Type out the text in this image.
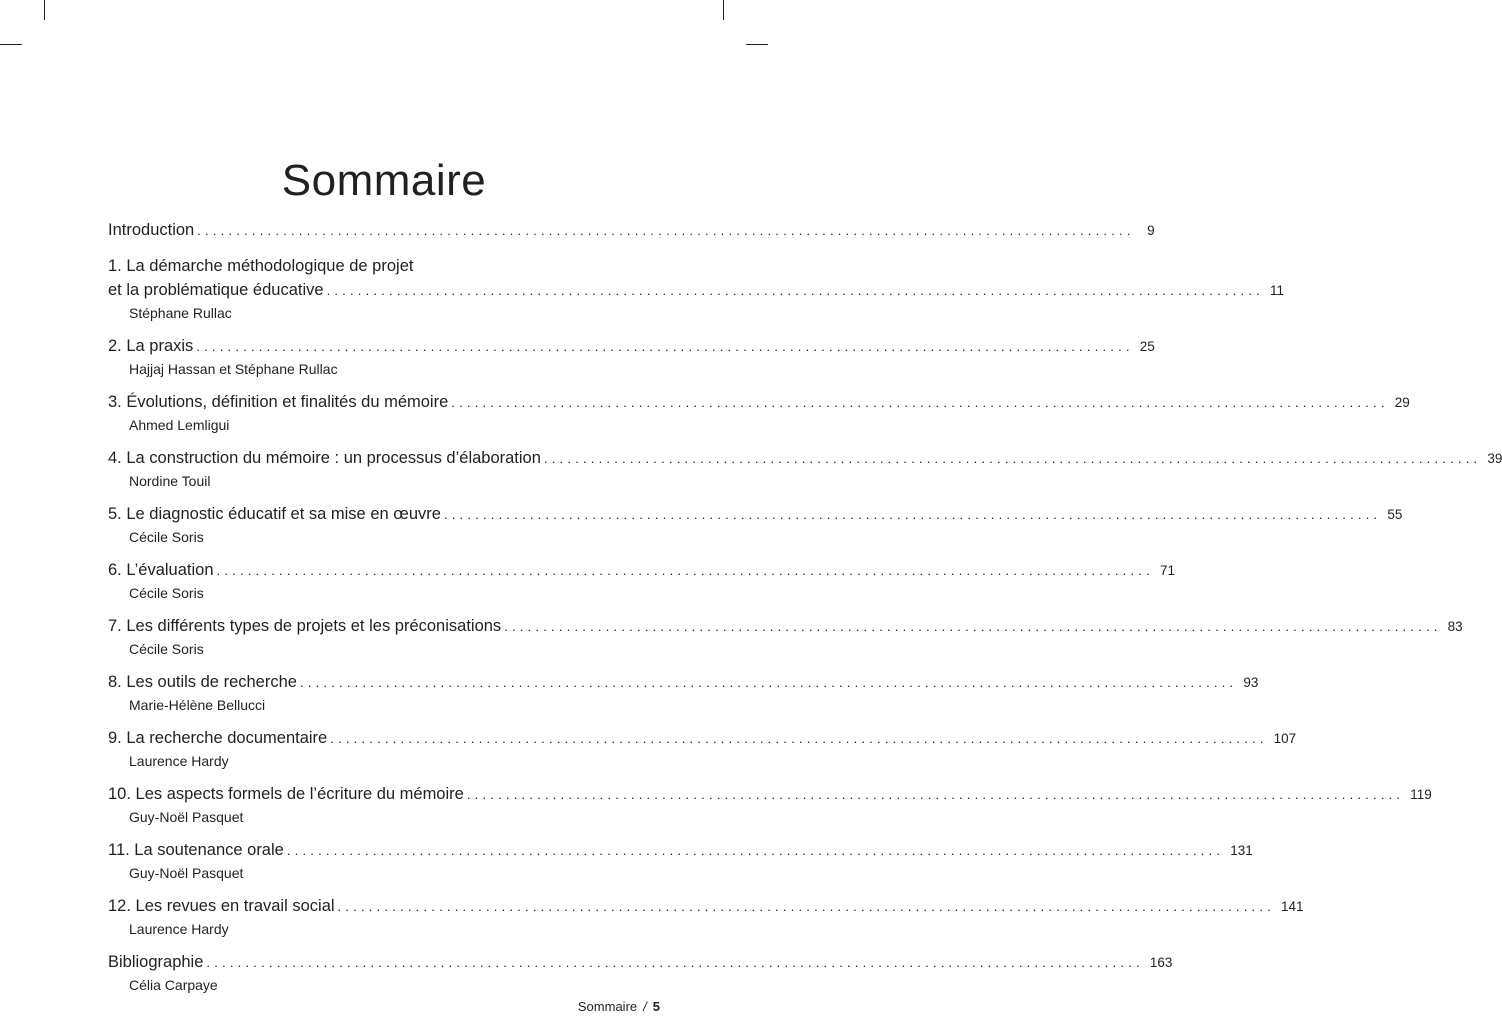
Sommaire
Introduction ........................................................................................................................ 9
1. La démarche méthodologique de projet
et la problématique éducative ........................................................................................................................ 11
Stéphane Rullac
2. La praxis ........................................................................................................................ 25
Hajjaj Hassan et Stéphane Rullac
3. Évolutions, définition et finalités du mémoire ........................................................................................................................ 29
Ahmed Lemligui
4. La construction du mémoire : un processus d’élaboration ........................................................................................................................ 39
Nordine Touil
5. Le diagnostic éducatif et sa mise en œuvre ........................................................................................................................ 55
Cécile Soris
6. L’évaluation ........................................................................................................................ 71
Cécile Soris
7. Les différents types de projets et les préconisations ........................................................................................................................ 83
Cécile Soris
8. Les outils de recherche ........................................................................................................................ 93
Marie-Hélène Bellucci
9. La recherche documentaire ........................................................................................................................ 107
Laurence Hardy
10. Les aspects formels de l’écriture du mémoire ........................................................................................................................ 119
Guy-Noël Pasquet
11. La soutenance orale ........................................................................................................................ 131
Guy-Noël Pasquet
12. Les revues en travail social ........................................................................................................................ 141
Laurence Hardy
Bibliographie ........................................................................................................................ 163
Célia Carpaye
Sommaire / 5
